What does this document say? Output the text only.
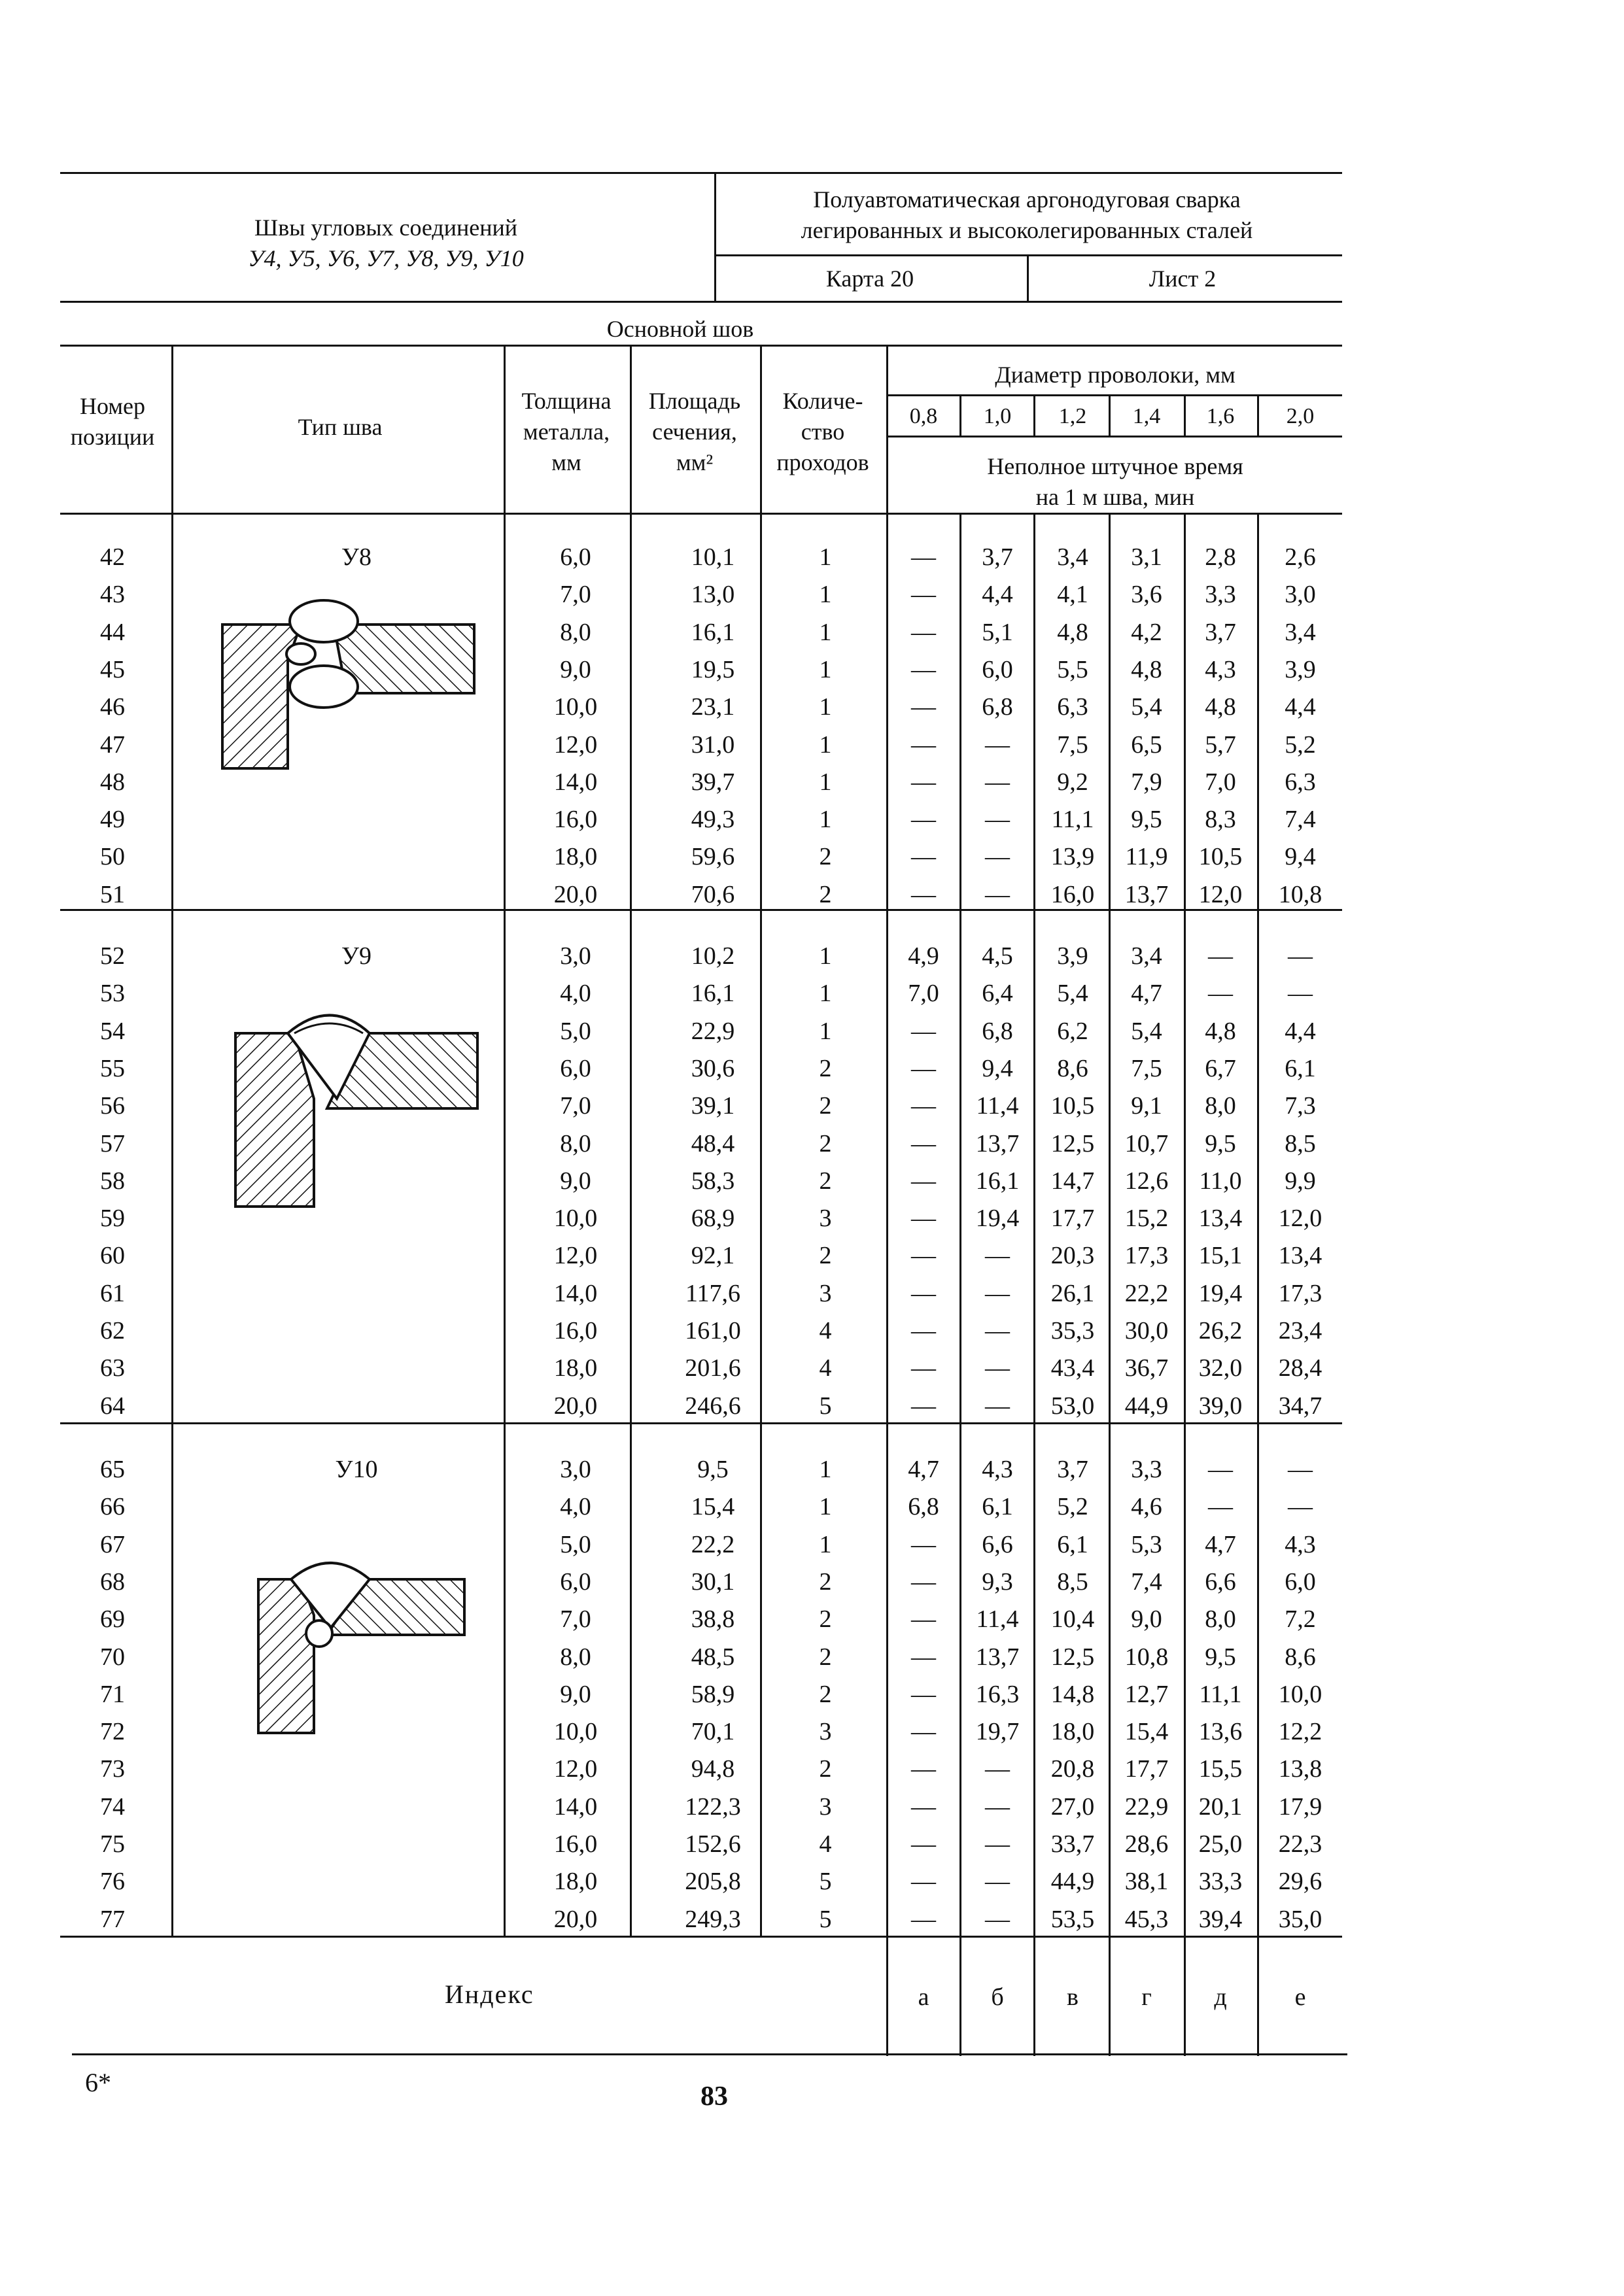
Швы угловых соединений
У4, У5, У6, У7, У8, У9, У10
Полуавтоматическая аргонодуговая сварка
легированных и высоколегированных сталей
Карта 20	Лист 2
Основной шов
Номер
позиции	Тип шва
Толщина
металла,
мм
Площадь
сечения,
мм²
Количе-
ство
проходов
Диаметр проволоки, мм
0,8 1,0 1,2 1,4 1,6 2,0
Неполное штучное время
на 1 м шва, мин
У8
42	6,0	10,1	1	— 3,7 3,4 3,1 2,8 2,6
43	7,0	13,0	1	— 4,4 4,1 3,6 3,3 3,0
44	8,0	16,1	1	— 5,1 4,8 4,2 3,7 3,4
45	9,0	19,5	1	— 6,0 5,5 4,8 4,3 3,9
46	10,0	23,1	1	— 6,8 6,3 5,4 4,8 4,4
47	12,0	31,0	1	— — 7,5 6,5 5,7 5,2
48	14,0	39,7	1	— — 9,2 7,9 7,0 6,3
49	16,0	49,3	1	— — 11,1 9,5 8,3 7,4
50	18,0	59,6	2	— — 13,9 11,9 10,5 9,4
51	20,0	70,6	2	— — 16,0 13,7 12,0 10,8
У9
52	3,0	10,2	1	4,9 4,5 3,9 3,4 — —
53	4,0	16,1	1	7,0 6,4 5,4 4,7 — —
54	5,0	22,9	1	— 6,8 6,2 5,4 4,8 4,4
55	6,0	30,6	2	— 9,4 8,6 7,5 6,7 6,1
56	7,0	39,1	2	— 11,4 10,5 9,1 8,0 7,3
57	8,0	48,4	2	— 13,7 12,5 10,7 9,5 8,5
58	9,0	58,3	2	— 16,1 14,7 12,6 11,0 9,9
59	10,0	68,9	3	— 19,4 17,7 15,2 13,4 12,0
60	12,0	92,1	2	— — 20,3 17,3 15,1 13,4
61	14,0	117,6	3	— — 26,1 22,2 19,4 17,3
62	16,0	161,0	4	— — 35,3 30,0 26,2 23,4
63	18,0	201,6	4	— — 43,4 36,7 32,0 28,4
64	20,0	246,6	5	— — 53,0 44,9 39,0 34,7
У10
65	3,0	9,5	1	4,7 4,3 3,7 3,3 — —
66	4,0	15,4	1	6,8 6,1 5,2 4,6 — —
67	5,0	22,2	1	— 6,6 6,1 5,3 4,7 4,3
68	6,0	30,1	2	— 9,3 8,5 7,4 6,6 6,0
69	7,0	38,8	2	— 11,4 10,4 9,0 8,0 7,2
70	8,0	48,5	2	— 13,7 12,5 10,8 9,5 8,6
71	9,0	58,9	2	— 16,3 14,8 12,7 11,1 10,0
72	10,0	70,1	3	— 19,7 18,0 15,4 13,6 12,2
73	12,0	94,8	2	— — 20,8 17,7 15,5 13,8
74	14,0	122,3	3	— — 27,0 22,9 20,1 17,9
75	16,0	152,6	4	— — 33,7 28,6 25,0 22,3
76	18,0	205,8	5	— — 44,9 38,1 33,3 29,6
77	20,0	249,3	5	— — 53,5 45,3 39,4 35,0
Индекс	а б	в	г	д	е
6*	83
